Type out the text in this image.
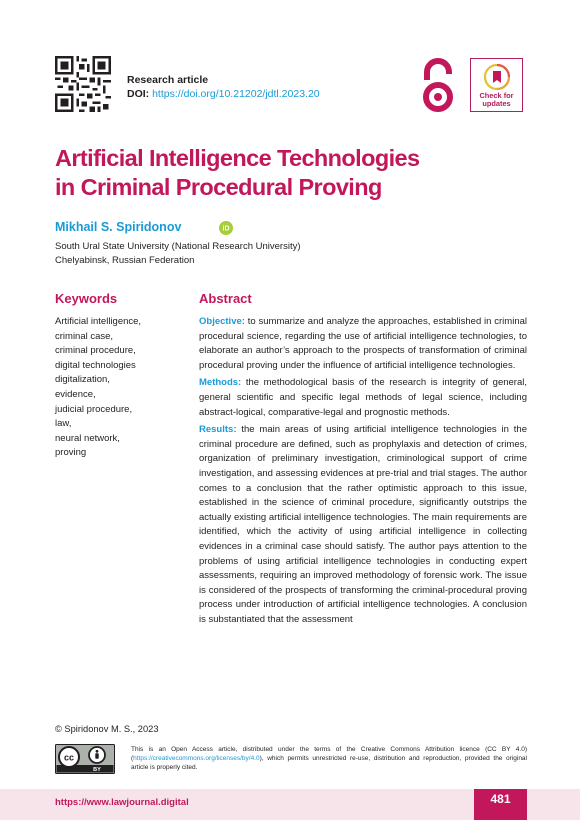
Research article
DOI: https://doi.org/10.21202/jdtl.2023.20	Check for
updates
Artificial Intelligence Technologies
in Criminal Procedural Proving
Mikhail S. Spiridonov	iD
South Ural State University (National Research University)
Chelyabinsk, Russian Federation
Keywords
Artificial intelligence,
criminal case,
criminal procedure,
digital technologies
digitalization,
evidence,
judicial procedure,
law,
neural network,
proving
Abstract

Objective: to summarize and analyze the approaches, established in criminal procedural science, regarding the use of artificial intelligence technologies, to elaborate an author’s approach to the prospects of transformation of criminal procedural proving under the influence of artificial intelligence technologies.

Methods: the methodological basis of the research is integrity of general, general scientific and specific legal methods of legal science, including abstract-logical, comparative-legal and prognostic methods.

Results: the main areas of using artificial intelligence technologies in the criminal procedure are defined, such as prophylaxis and detection of crimes, organization of preliminary investigation, criminological support of crime investigation, and assessing evidences at pre-trial and trial stages. The author comes to a conclusion that the rather optimistic approach to this issue, established in the science of criminal procedure, significantly outstrips the actually existing artificial intelligence technologies. The main requirements are identified, which the activity of using artificial intelligence in collecting evidences in a criminal case should satisfy. The author pays attention to the problems of using artificial intelligence technologies in conducting expert assessments, requiring an improved methodology of forensic work. The issue is considered of the prospects of transforming the criminal-procedural proving process under introduction of artificial intelligence technologies. A conclusion is substantiated that the assessment

© Spiridonov M. S., 2023
cc
BY
This is an Open Access article, distributed under the terms of the Creative Commons Attribution licence (CC BY 4.0) (https://creativecommons.org/licenses/by/4.0), which permits unrestricted re-use, distribution and reproduction, provided the original article is properly cited.
https://www.lawjournal.digital	481
